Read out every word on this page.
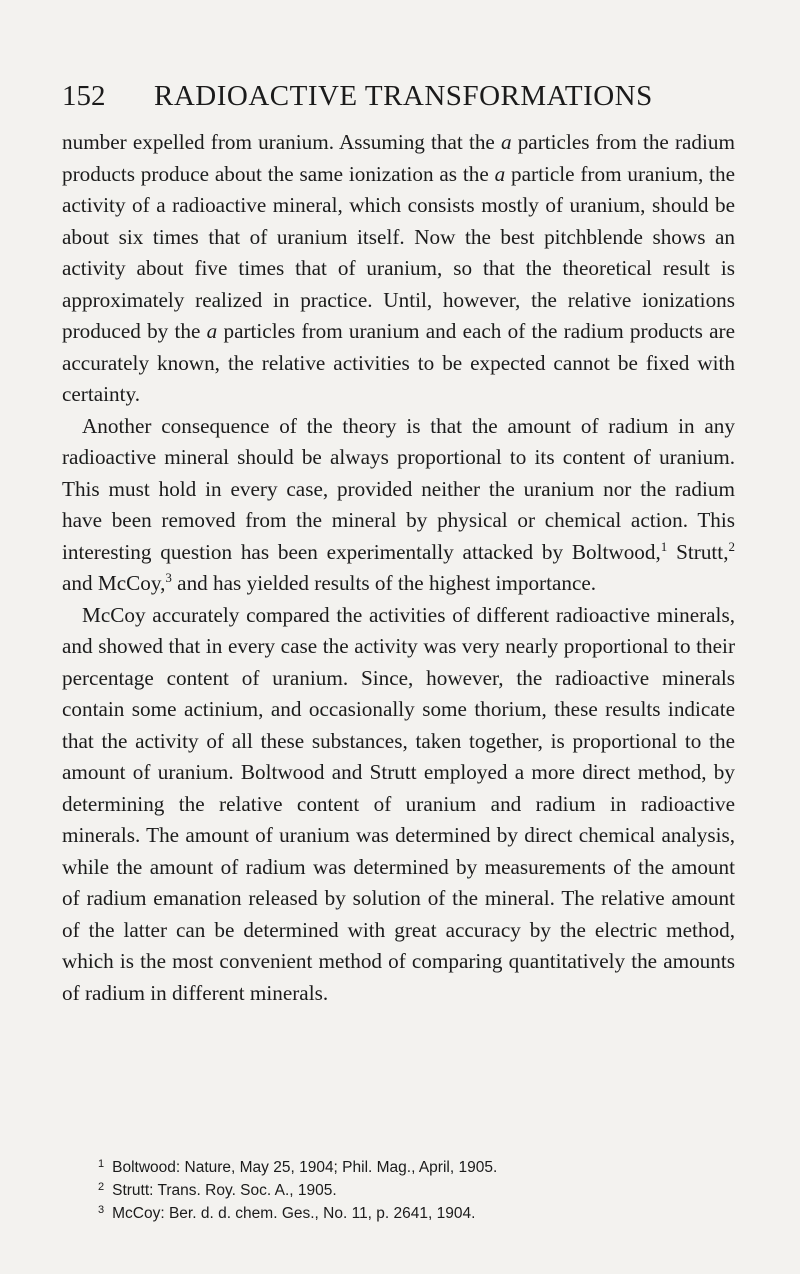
152 RADIOACTIVE TRANSFORMATIONS

number expelled from uranium. Assuming that the a particles from the radium products produce about the same ionization as the a particle from uranium, the activity of a radioactive mineral, which consists mostly of uranium, should be about six times that of uranium itself. Now the best pitchblende shows an activity about five times that of uranium, so that the theoretical result is approximately realized in practice. Until, however, the relative ionizations produced by the a particles from uranium and each of the radium products are accurately known, the relative activities to be expected cannot be fixed with certainty.

Another consequence of the theory is that the amount of radium in any radioactive mineral should be always proportional to its content of uranium. This must hold in every case, provided neither the uranium nor the radium have been removed from the mineral by physical or chemical action. This interesting question has been experimentally attacked by Boltwood,$^1$ Strutt,$^2$ and McCoy,$^3$ and has yielded results of the highest importance.

McCoy accurately compared the activities of different radioactive minerals, and showed that in every case the activity was very nearly proportional to their percentage content of uranium. Since, however, the radioactive minerals contain some actinium, and occasionally some thorium, these results indicate that the activity of all these substances, taken together, is proportional to the amount of uranium. Boltwood and Strutt employed a more direct method, by determining the relative content of uranium and radium in radioactive minerals. The amount of uranium was determined by direct chemical analysis, while the amount of radium was determined by measurements of the amount of radium emanation released by solution of the mineral. The relative amount of the latter can be determined with great accuracy by the electric method, which is the most convenient method of comparing quantitatively the amounts of radium in different minerals.

$^1$ Boltwood: Nature, May 25, 1904; Phil. Mag., April, 1905.
$^2$ Strutt: Trans. Roy. Soc. A., 1905.
$^3$ McCoy: Ber. d. d. chem. Ges., No. 11, p. 2641, 1904.
